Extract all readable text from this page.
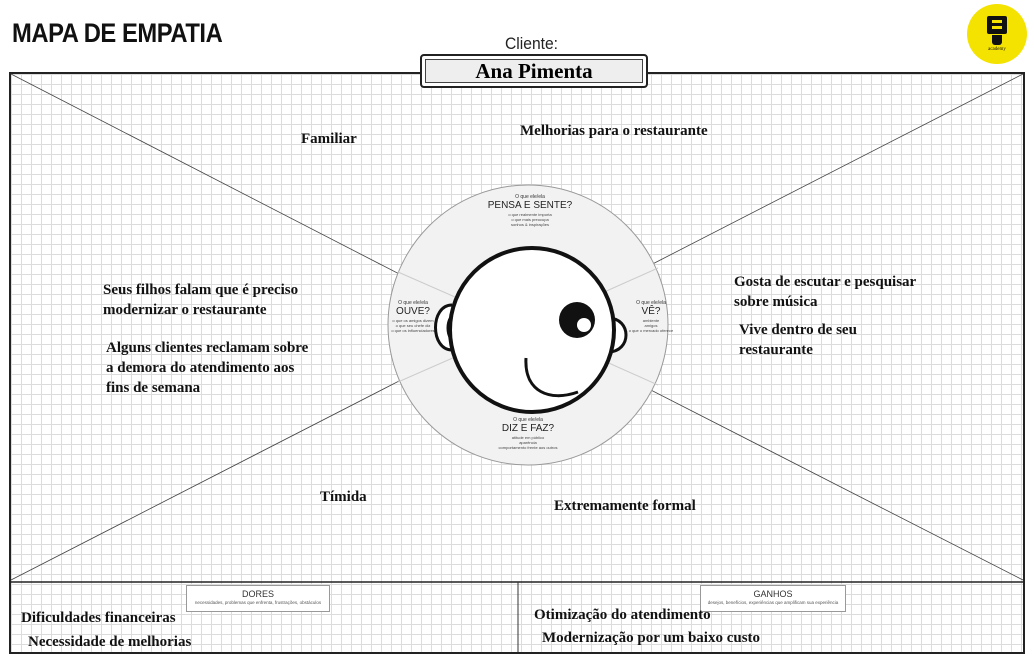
MAPA DE EMPATIA
academy
Cliente:
Ana Pimenta
O que ele/ela
PENSA E SENTE?
o que realmente importa
o que mais preocupa
sonhos & inspirações
O que ele/ela
OUVE?
o que os amigos dizem
o que seu chefe diz
o que os influenciadores
O que ele/ela
VÊ?
ambiente
amigos
o que o mercado oferece
O que ele/ela
DIZ E FAZ?
atitude em público
aparência
comportamento frente aos outros
DORES
necessidades, problemas que enfrenta, frustrações, obstáculos
GANHOS
desejos, benefícios, experiências que amplificam sua experiência

Familiar	Melhorias para o restaurante

Seus filhos falam que é preciso
modernizar o restaurante
Alguns clientes reclamam sobre
a demora do atendimento aos
fins de semana
Gosta de escutar e pesquisar
sobre música
Vive dentro de seu
restaurante

Tímida

Extremamente formal

Dificuldades financeiras

Necessidade de melhorias

Otimização do atendimento

Modernização por um baixo custo
